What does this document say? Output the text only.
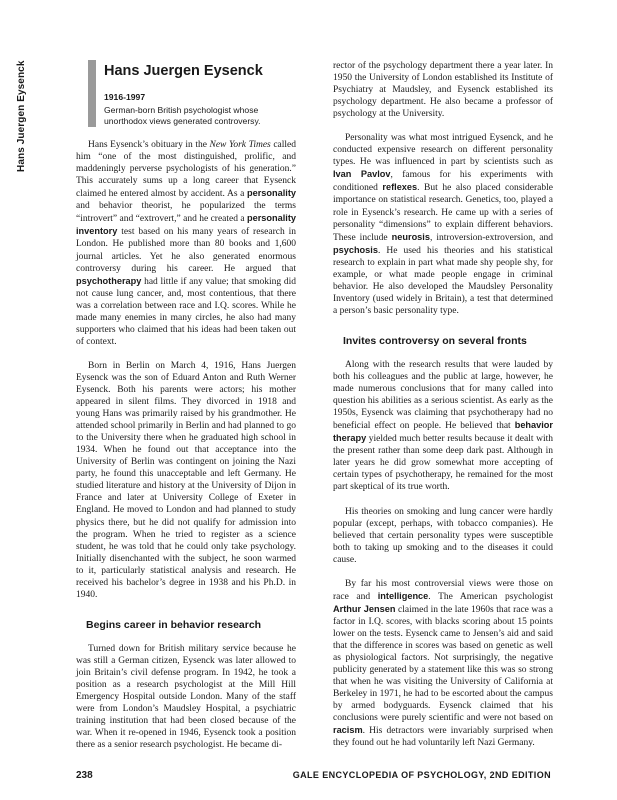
Hans Juergen Eysenck	Hans Juergen Eysenck
1916-1997

German-born British psychologist whose unorthodox views generated controversy.

Hans Eysenck’s obituary in the New York Times called him “one of the most distinguished, prolific, and maddeningly perverse psychologists of his generation.” This accurately sums up a long career that Eysenck claimed he entered almost by accident. As a personality and behavior theorist, he popularized the terms “introvert” and “extrovert,” and he created a personality inventory test based on his many years of research in London. He published more than 80 books and 1,600 journal articles. Yet he also generated enormous controversy during his career. He argued that psychotherapy had little if any value; that smoking did not cause lung cancer, and, most contentious, that there was a correlation between race and I.Q. scores. While he made many enemies in many circles, he also had many supporters who claimed that his ideas had been taken out of context.

Born in Berlin on March 4, 1916, Hans Juergen Eysenck was the son of Eduard Anton and Ruth Werner Eysenck. Both his parents were actors; his mother appeared in silent films. They divorced in 1918 and young Hans was primarily raised by his grandmother. He attended school primarily in Berlin and had planned to go to the University there when he graduated high school in 1934. When he found out that acceptance into the University of Berlin was contingent on joining the Nazi party, he found this unacceptable and left Germany. He studied literature and history at the University of Dijon in France and later at University College of Exeter in England. He moved to London and had planned to study physics there, but he did not qualify for admission into the program. When he tried to register as a science student, he was told that he could only take psychology. Initially disenchanted with the subject, he soon warmed to it, particularly statistical analysis and research. He received his bachelor’s degree in 1938 and his Ph.D. in 1940.

Begins career in behavior research

Turned down for British military service because he was still a German citizen, Eysenck was later allowed to join Britain’s civil defense program. In 1942, he took a position as a research psychologist at the Mill Hill Emergency Hospital outside London. Many of the staff were from London’s Maudsley Hospital, a psychiatric training institution that had been closed because of the war. When it re-opened in 1946, Eysenck took a position there as a senior research psychologist. He became di-

rector of the psychology department there a year later. In 1950 the University of London established its Institute of Psychiatry at Maudsley, and Eysenck established its psychology department. He also became a professor of psychology at the University.

Personality was what most intrigued Eysenck, and he conducted expensive research on different personality types. He was influenced in part by scientists such as Ivan Pavlov, famous for his experiments with conditioned reflexes. But he also placed considerable importance on statistical research. Genetics, too, played a role in Eysenck’s research. He came up with a series of personality “dimensions” to explain different behaviors. These include neurosis, introversion-extroversion, and psychosis. He used his theories and his statistical research to explain in part what made shy people shy, for example, or what made people engage in criminal behavior. He also developed the Maudsley Personality Inventory (used widely in Britain), a test that determined a person’s basic personality type.

Invites controversy on several fronts

Along with the research results that were lauded by both his colleagues and the public at large, however, he made numerous conclusions that for many called into question his abilities as a serious scientist. As early as the 1950s, Eysenck was claiming that psychotherapy had no beneficial effect on people. He believed that behavior therapy yielded much better results because it dealt with the present rather than some deep dark past. Although in later years he did grow somewhat more accepting of certain types of psychotherapy, he remained for the most part skeptical of its true worth.

His theories on smoking and lung cancer were hardly popular (except, perhaps, with tobacco companies). He believed that certain personality types were susceptible both to taking up smoking and to the diseases it could cause.

By far his most controversial views were those on race and intelligence. The American psychologist Arthur Jensen claimed in the late 1960s that race was a factor in I.Q. scores, with blacks scoring about 15 points lower on the tests. Eysenck came to Jensen’s aid and said that the difference in scores was based on genetic as well as physiological factors. Not surprisingly, the negative publicity generated by a statement like this was so strong that when he was visiting the University of California at Berkeley in 1971, he had to be escorted about the campus by armed bodyguards. Eysenck claimed that his conclusions were purely scientific and were not based on racism. His detractors were invariably surprised when they found out he had voluntarily left Nazi Germany.

238	GALE ENCYCLOPEDIA OF PSYCHOLOGY, 2ND EDITION
